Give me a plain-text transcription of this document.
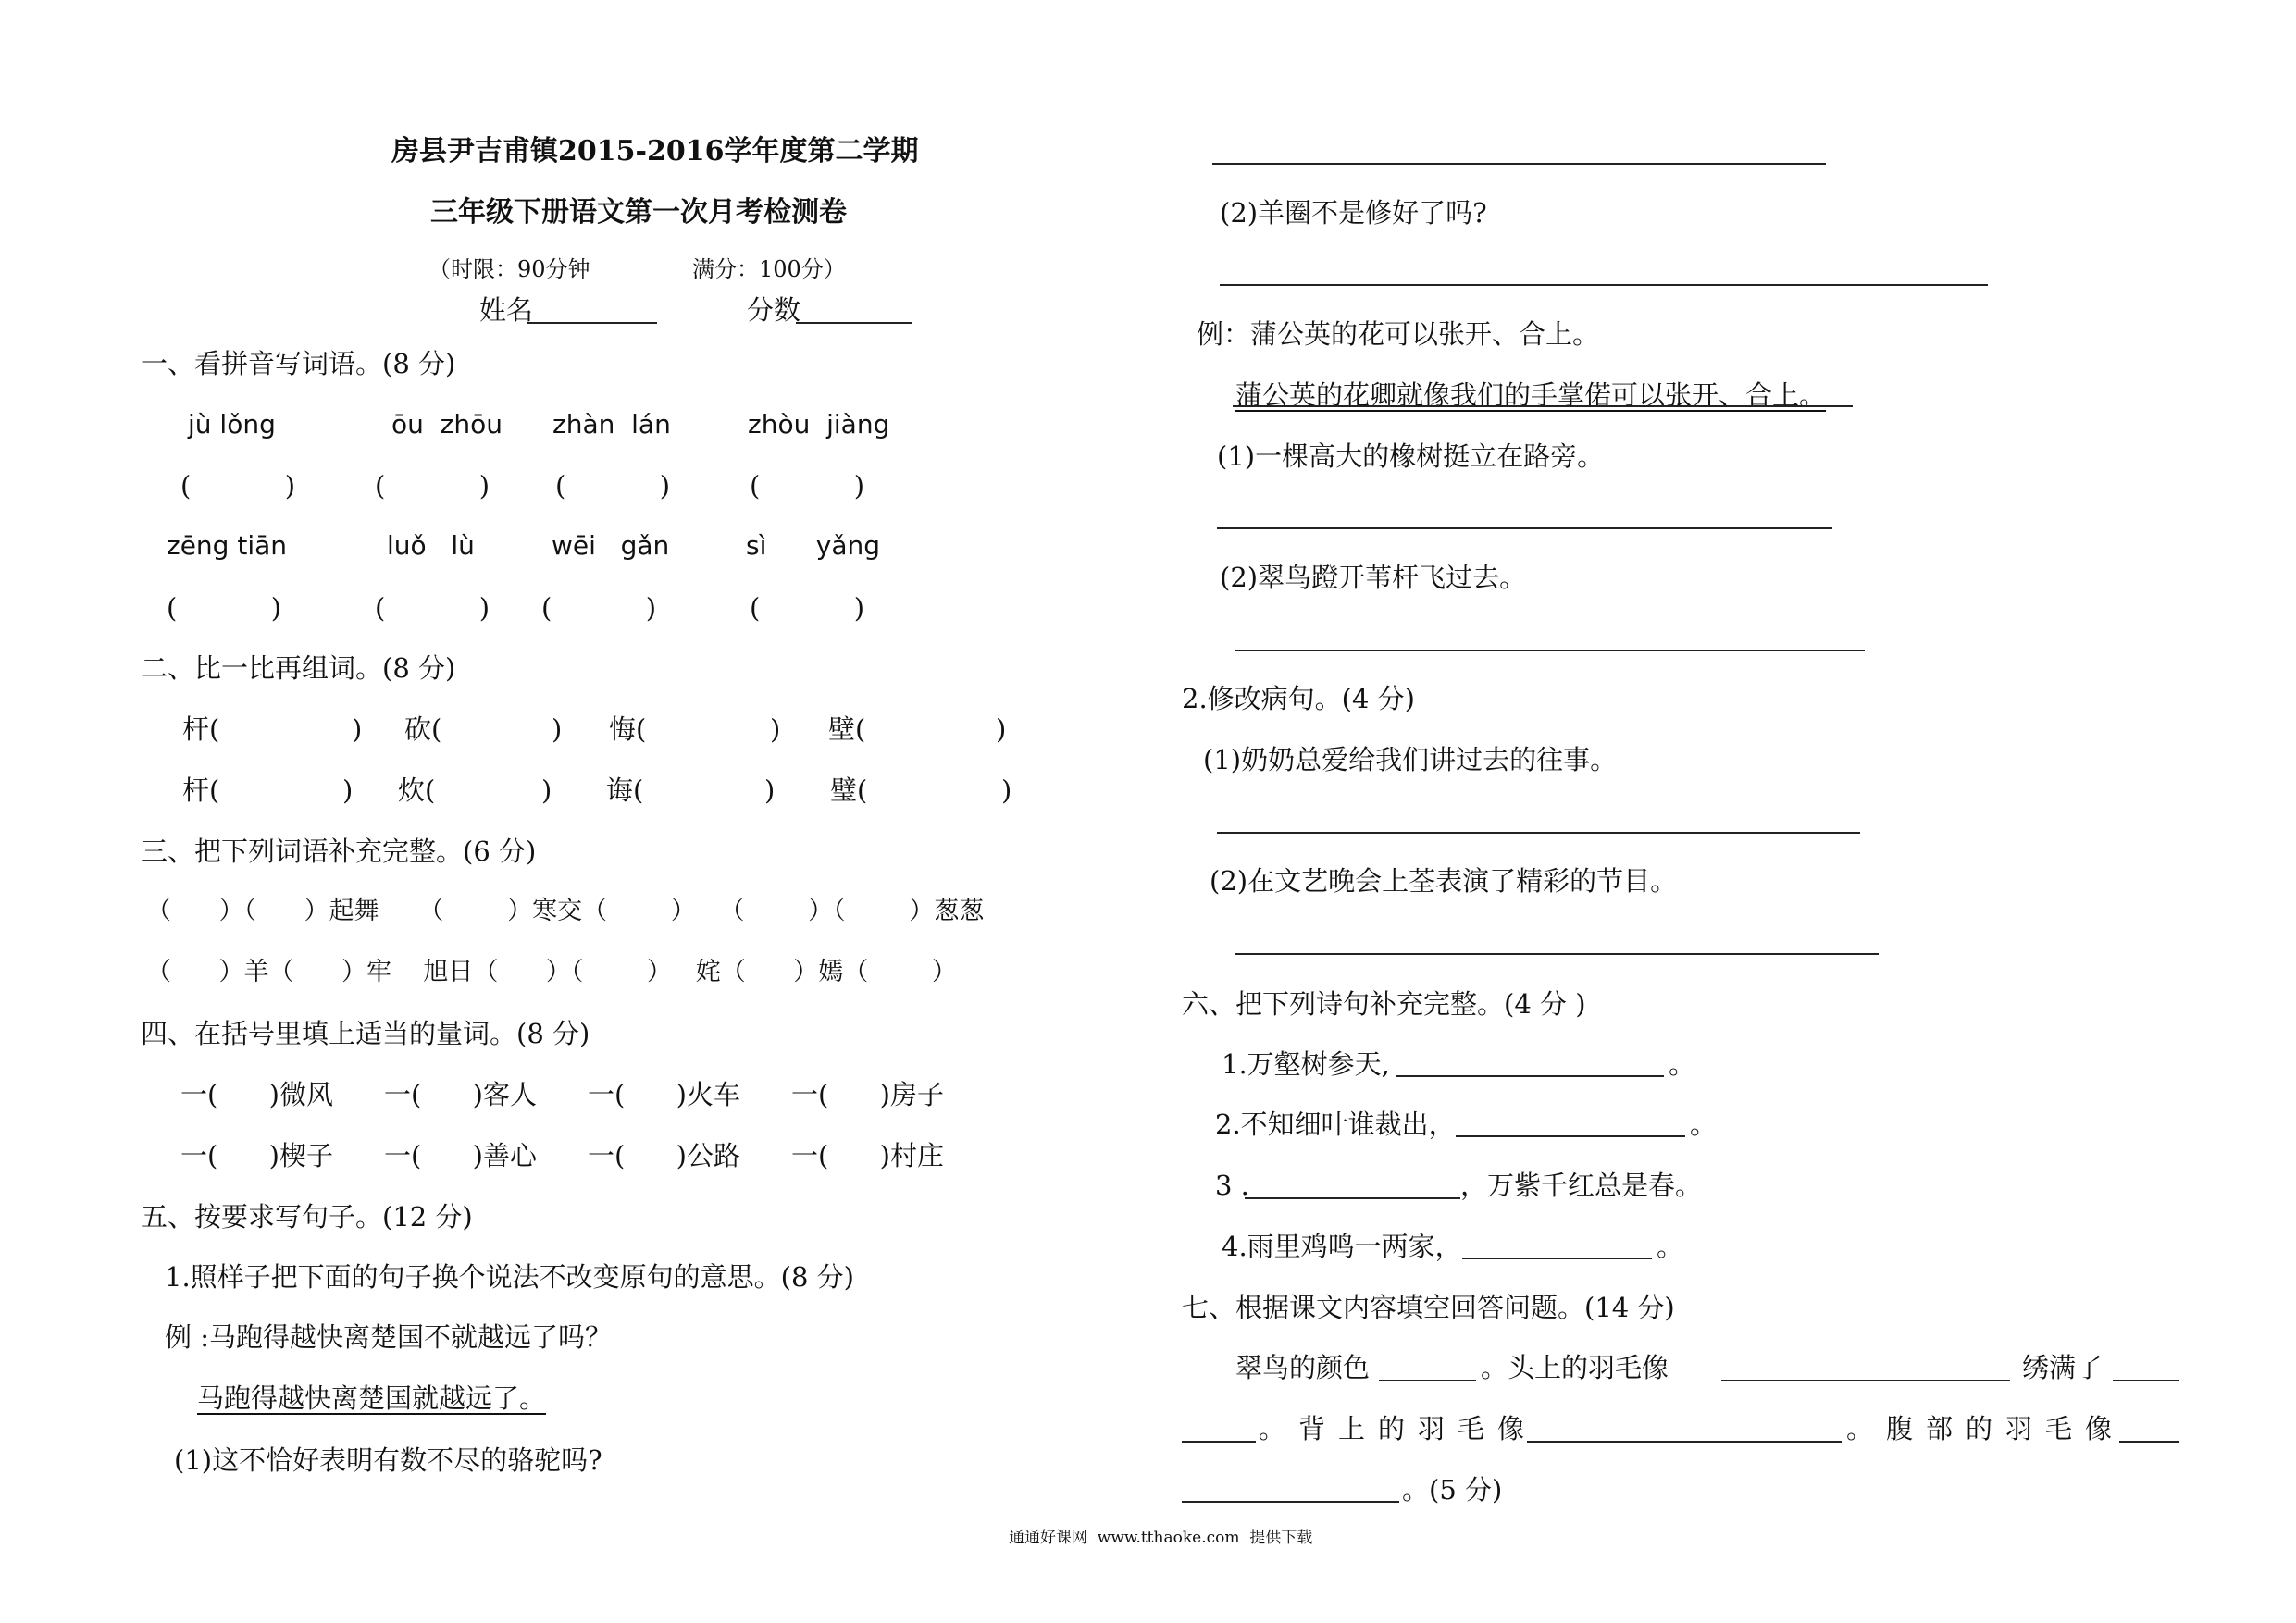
房县尹吉甫镇2015-2016学年度第二学期
三年级下册语文第一次月考检测卷
（时限：90分钟	满分：100分）
姓名	分数
一、看拼音写词语。(8 分)
jù lǒng	ōu  zhōu zhàn  lán	zhòu  jiàng
(           )	(           ) (           )	(           )
zēng tiān	luǒ   lù	wēi   gǎn	sì      yǎng
(           )	(           ) (           )	(           )
二、比一比再组词。(8 分)
杆(	) 砍(	) 悔(	) 壁(	)
杆(	) 炊(	) 诲(	) 璧(	)
三、把下列词语补充完整。(6 分)
（      ）（      ）起舞     （        ）寒交（        ）   （        ）（        ）葱葱
（      ）羊（      ）牢    旭日（      ）（        ）   姹（      ）嫣（        ）
四、在括号里填上适当的量词。(8 分)
一(      )微风 一(      )客人 一(      )火车 一(      )房子
一(      )楔子 一(      )善心 一(      )公路 一(      )村庄
五、按要求写句子。(12 分)
1.照样子把下面的句子换个说法不改变原句的意思。(8 分)
例 :马跑得越快离楚国不就越远了吗？
马跑得越快离楚国就越远了。
(1)这不恰好表明有数不尽的骆驼吗?
(2)羊圈不是修好了吗?
例：蒲公英的花可以张开、合上。
蒲公英的花卿就像我们的手掌偌可以张开、合上。
(1)一棵高大的橡树挺立在路旁。
(2)翠鸟蹬开苇杆飞过去。
2.修改病句。(4 分)
(1)奶奶总爱给我们讲过去的往事。
(2)在文艺晚会上荃表演了精彩的节目。
六、把下列诗句补充完整。(4 分 )
1.万壑树参天,	。
2.不知细叶谁裁出，	。
3 .	，万紫千红总是春。
4.雨里鸡鸣一两家，	。
七、根据课文内容填空回答问题。(14 分)
翠鸟的颜色	。头上的羽毛像	绣满了
。背上的羽毛像	。腹部的羽毛像
。(5 分)
通通好课网  www.tthaoke.com  提供下载
